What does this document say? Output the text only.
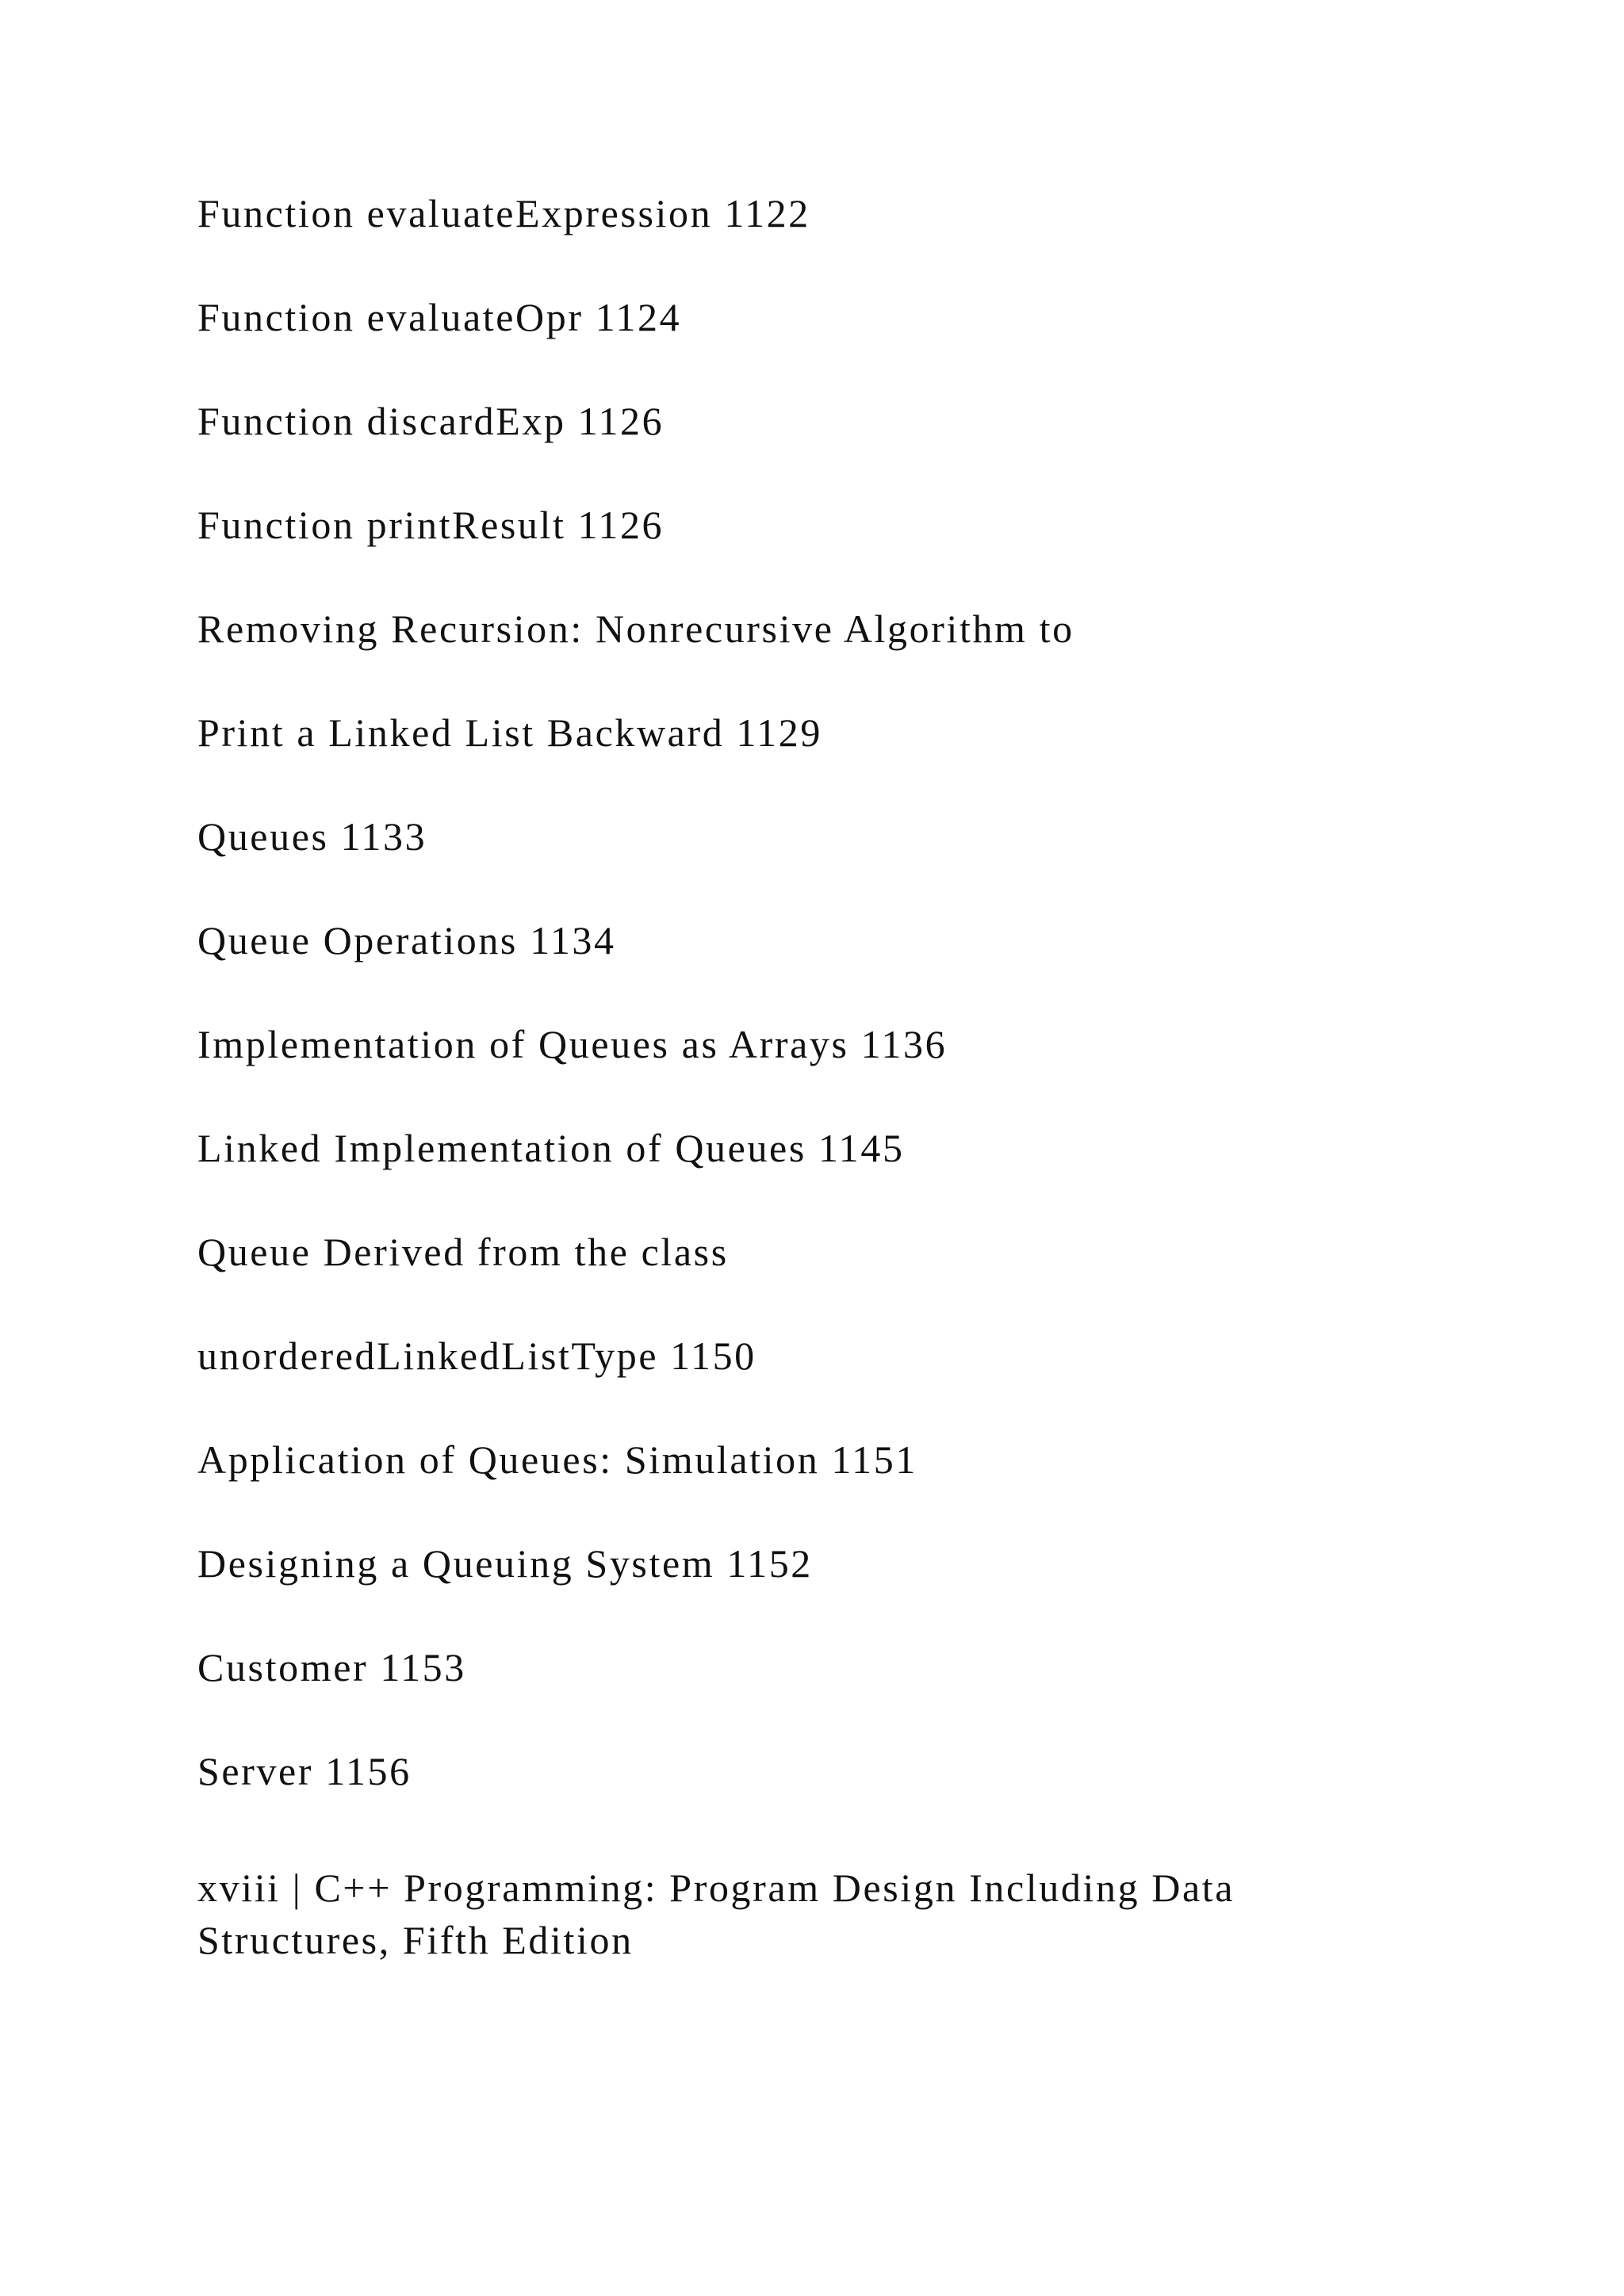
Function evaluateExpression 1122
Function evaluateOpr 1124
Function discardExp 1126
Function printResult 1126
Removing Recursion: Nonrecursive Algorithm to
Print a Linked List Backward 1129
Queues 1133
Queue Operations 1134
Implementation of Queues as Arrays 1136
Linked Implementation of Queues 1145
Queue Derived from the class
unorderedLinkedListType 1150
Application of Queues: Simulation 1151
Designing a Queuing System 1152
Customer 1153
Server 1156
xviii | C++ Programming: Program Design Including Data
Structures, Fifth Edition
